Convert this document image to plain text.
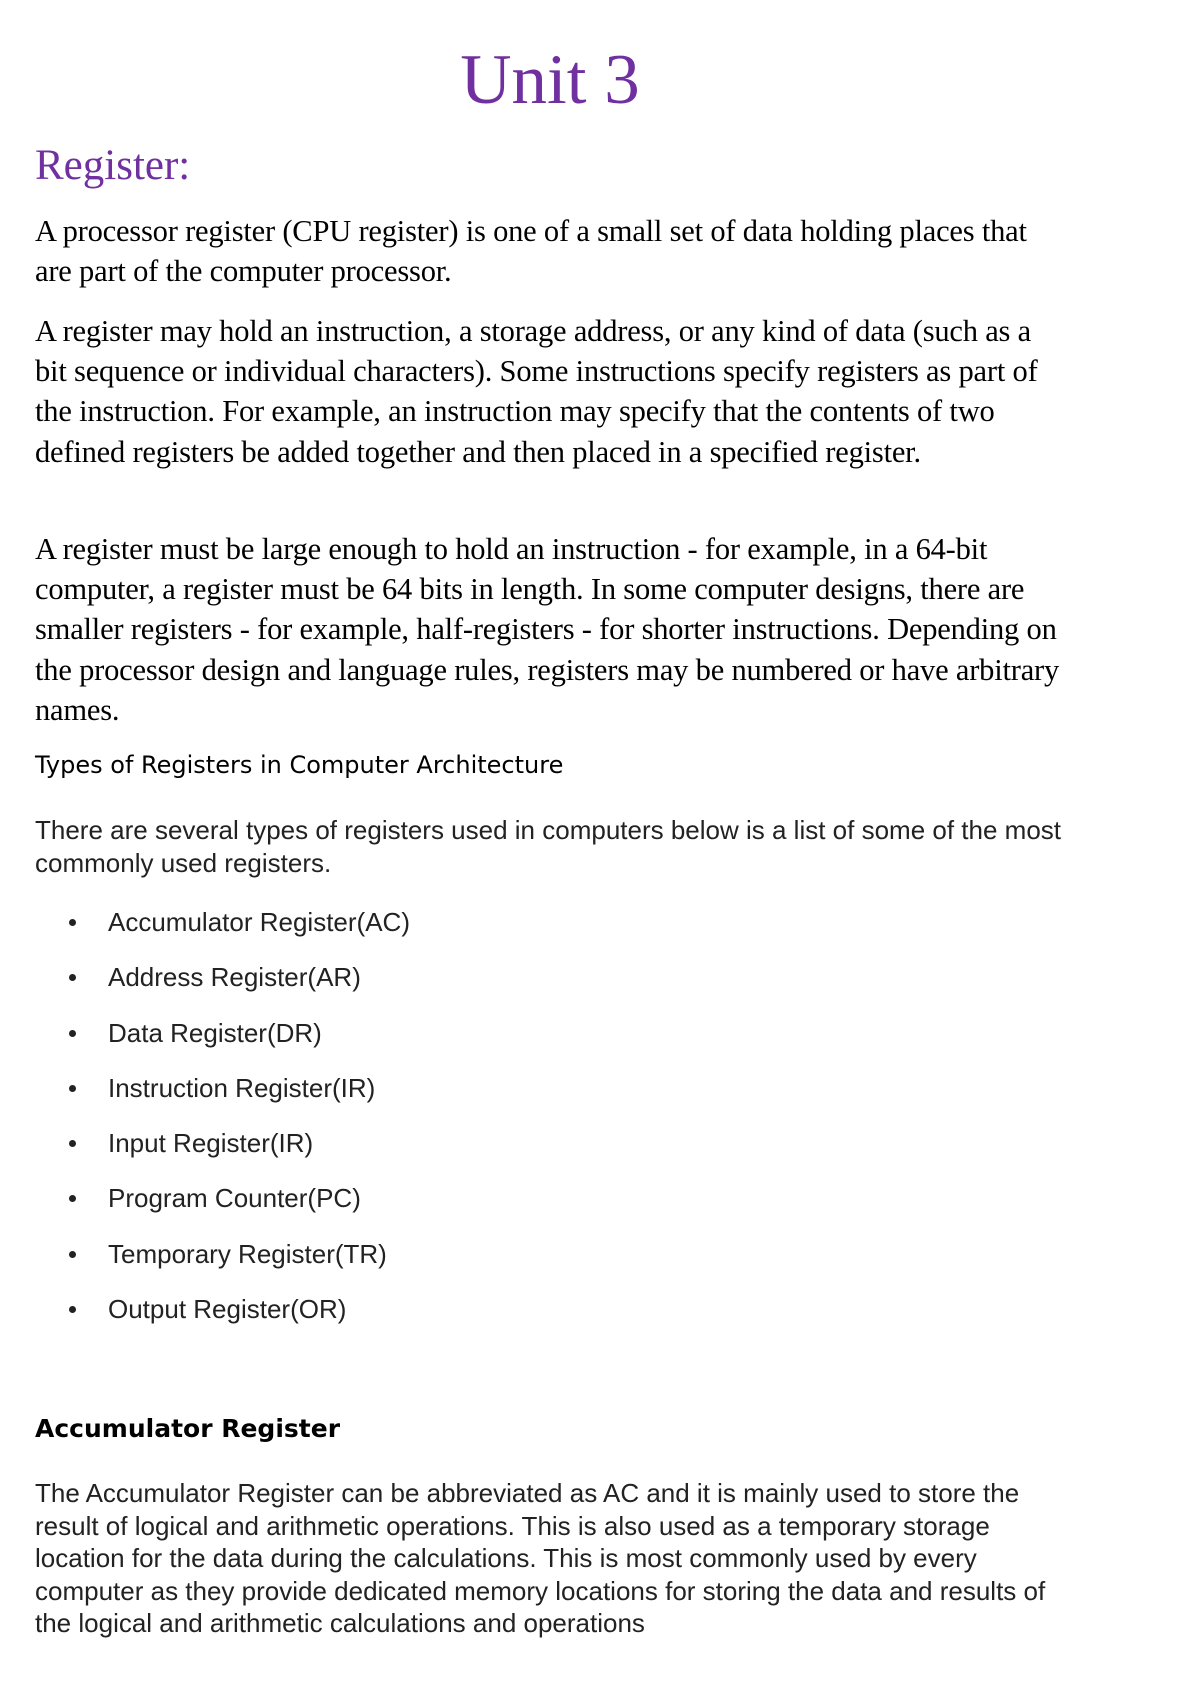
Unit 3
Register:

A processor register (CPU register) is one of a small set of data holding places that are part of the computer processor.

A register may hold an instruction, a storage address, or any kind of data (such as a bit sequence or individual characters). Some instructions specify registers as part of the instruction. For example, an instruction may specify that the contents of two defined registers be added together and then placed in a specified register.

A register must be large enough to hold an instruction - for example, in a 64-bit computer, a register must be 64 bits in length. In some computer designs, there are smaller registers - for example, half-registers - for shorter instructions. Depending on the processor design and language rules, registers may be numbered or have arbitrary names.

Types of Registers in Computer Architecture

There are several types of registers used in computers below is a list of some of the most commonly used registers.

Accumulator Register(AC)
Address Register(AR)
Data Register(DR)
Instruction Register(IR)
Input Register(IR)
Program Counter(PC)
Temporary Register(TR)
Output Register(OR)
Accumulator Register

The Accumulator Register can be abbreviated as AC and it is mainly used to store the result of logical and arithmetic operations. This is also used as a temporary storage location for the data during the calculations. This is most commonly used by every computer as they provide dedicated memory locations for storing the data and results of the logical and arithmetic calculations and operations
